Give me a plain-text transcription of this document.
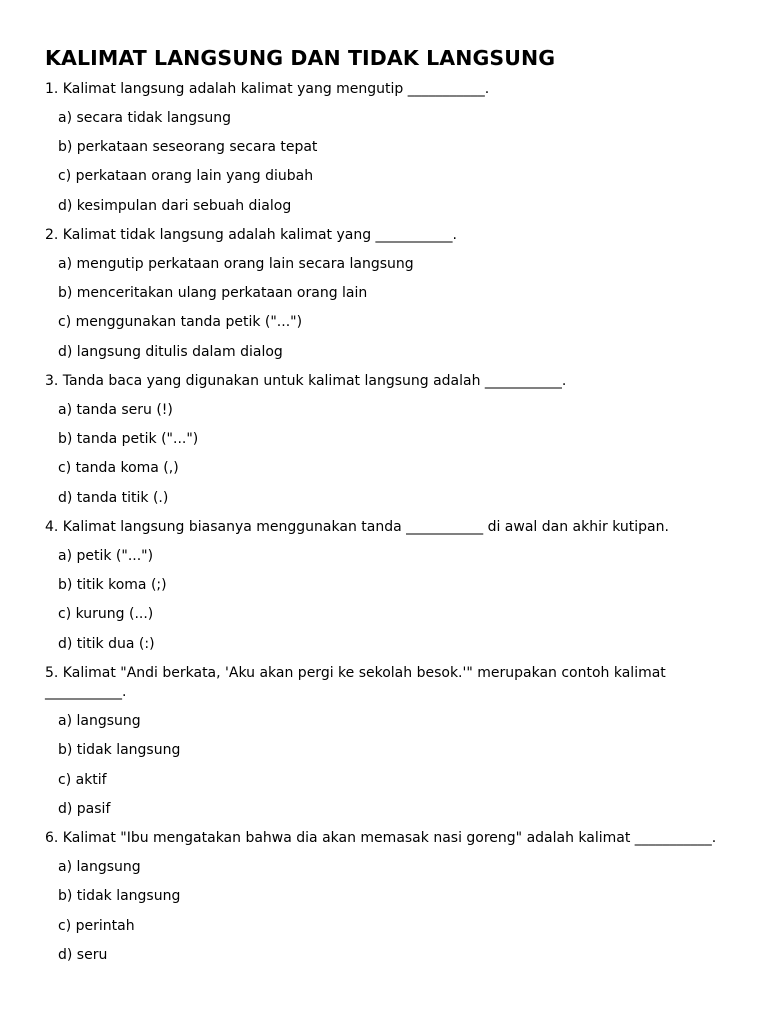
KALIMAT LANGSUNG DAN TIDAK LANGSUNG
1. Kalimat langsung adalah kalimat yang mengutip ___________.
a) secara tidak langsung
b) perkataan seseorang secara tepat
c) perkataan orang lain yang diubah
d) kesimpulan dari sebuah dialog
2. Kalimat tidak langsung adalah kalimat yang ___________.
a) mengutip perkataan orang lain secara langsung
b) menceritakan ulang perkataan orang lain
c) menggunakan tanda petik ("...")
d) langsung ditulis dalam dialog
3. Tanda baca yang digunakan untuk kalimat langsung adalah ___________.
a) tanda seru (!)
b) tanda petik ("...")
c) tanda koma (,)
d) tanda titik (.)
4. Kalimat langsung biasanya menggunakan tanda ___________ di awal dan akhir kutipan.
a) petik ("...")
b) titik koma (;)
c) kurung (...)
d) titik dua (:)
5. Kalimat "Andi berkata, 'Aku akan pergi ke sekolah besok.'" merupakan contoh kalimat ___________.
a) langsung
b) tidak langsung
c) aktif
d) pasif
6. Kalimat "Ibu mengatakan bahwa dia akan memasak nasi goreng" adalah kalimat ___________.
a) langsung
b) tidak langsung
c) perintah
d) seru
